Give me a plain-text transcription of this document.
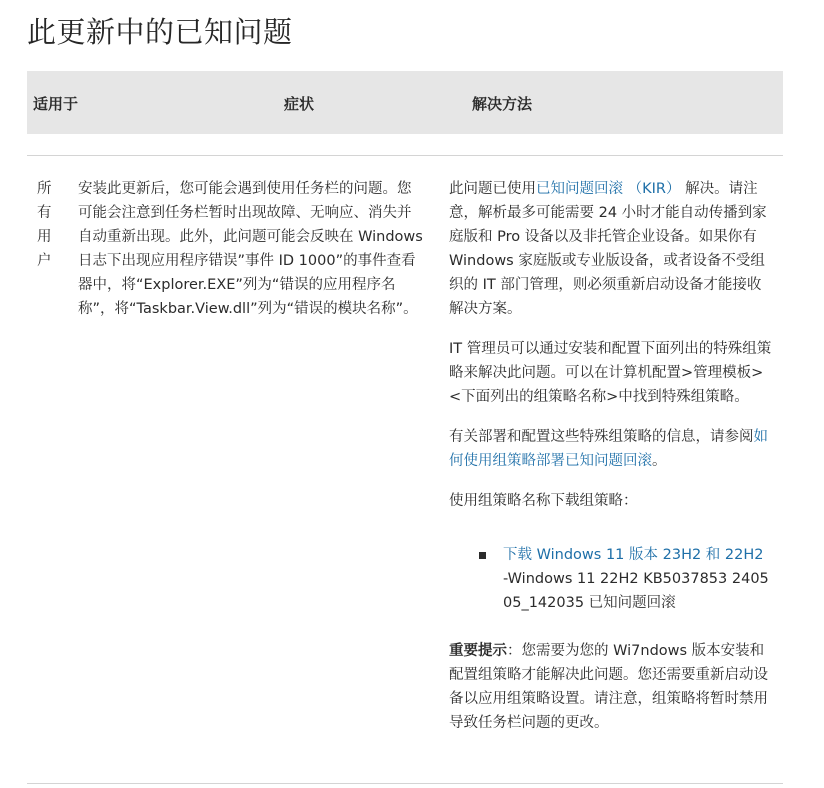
此更新中的已知问题
适用于	症状	解决方法
所有用户
安装此更新后，您可能会遇到使用任务栏的问题。您可能会注意到任务栏暂时出现故障、无响应、消失并自动重新出现。此外，此问题可能会反映在 Windows 日志下出现应用程序错误”事件 ID 1000”的事件查看器中，将“Explorer.EXE”列为“错误的应用程序名称”，将“Taskbar.View.dll”列为“错误的模块名称”。

此问题已使用已知问题回滚 （KIR） 解决。请注意，解析最多可能需要 24 小时才能自动传播到家庭版和 Pro 设备以及非托管企业设备。如果你有 Windows 家庭版或专业版设备，或者设备不受组织的 IT 部门管理，则必须重新启动设备才能接收解决方案。

IT 管理员可以通过安装和配置下面列出的特殊组策略来解决此问题。可以在计算机配置>管理模板> <下面列出的组策略名称>中找到特殊组策略。

有关部署和配置这些特殊组策略的信息，请参阅如何使用组策略部署已知问题回滚。

使用组策略名称下载组策略：

下载 Windows 11 版本 23H2 和 22H2
-Windows 11 22H2 KB5037853 240505_142035 已知问题回滚

重要提示：您需要为您的 Wi7ndows 版本安装和配置组策略才能解决此问题。您还需要重新启动设备以应用组策略设置。请注意，组策略将暂时禁用导致任务栏问题的更改。
